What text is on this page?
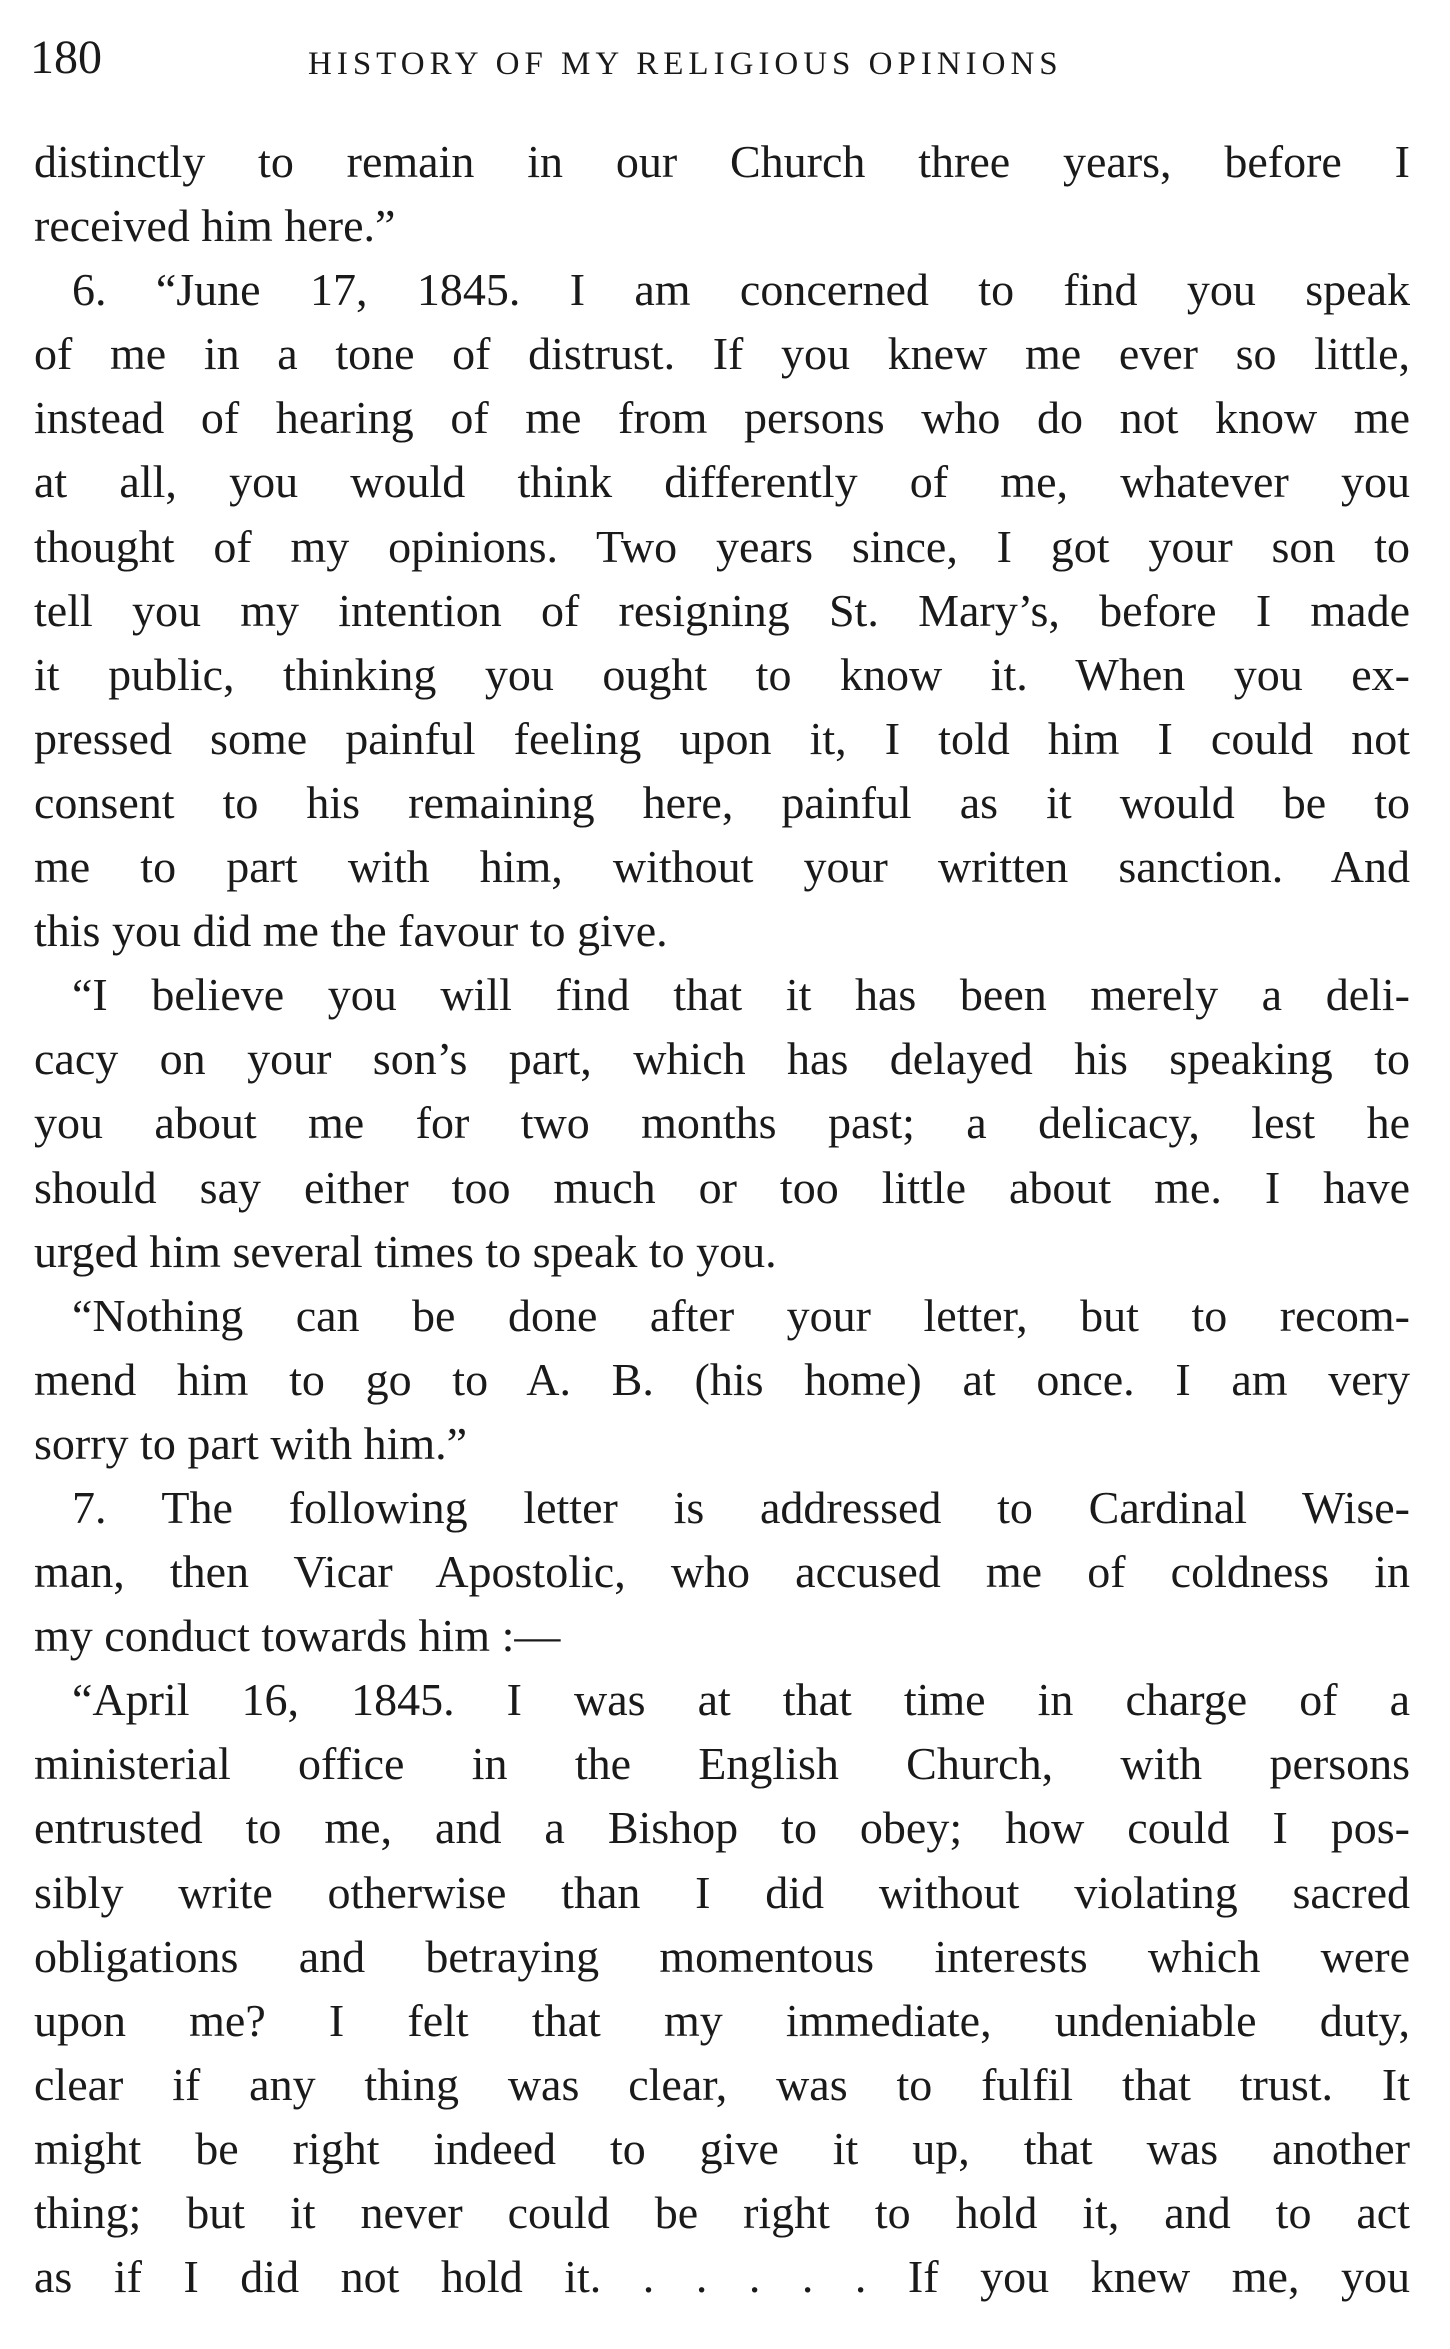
180	HISTORY OF MY RELIGIOUS OPINIONS
distinctly to remain in our Church three years, before I
received him here.”
6. “June 17, 1845. I am concerned to find you speak
of me in a tone of distrust. If you knew me ever so little,
instead of hearing of me from persons who do not know me
at all, you would think differently of me, whatever you
thought of my opinions. Two years since, I got your son to
tell you my intention of resigning St. Mary’s, before I made
it public, thinking you ought to know it. When you ex-
pressed some painful feeling upon it, I told him I could not
consent to his remaining here, painful as it would be to
me to part with him, without your written sanction. And
this you did me the favour to give.
“I believe you will find that it has been merely a deli-
cacy on your son’s part, which has delayed his speaking to
you about me for two months past; a delicacy, lest he
should say either too much or too little about me. I have
urged him several times to speak to you.
“Nothing can be done after your letter, but to recom-
mend him to go to A. B. (his home) at once. I am very
sorry to part with him.”
7. The following letter is addressed to Cardinal Wise-
man, then Vicar Apostolic, who accused me of coldness in
my conduct towards him :—
“April 16, 1845. I was at that time in charge of a
ministerial office in the English Church, with persons
entrusted to me, and a Bishop to obey; how could I pos-
sibly write otherwise than I did without violating sacred
obligations and betraying momentous interests which were
upon me? I felt that my immediate, undeniable duty,
clear if any thing was clear, was to fulfil that trust. It
might be right indeed to give it up, that was another
thing; but it never could be right to hold it, and to act
as if I did not hold it. . . . . . If you knew me, you
